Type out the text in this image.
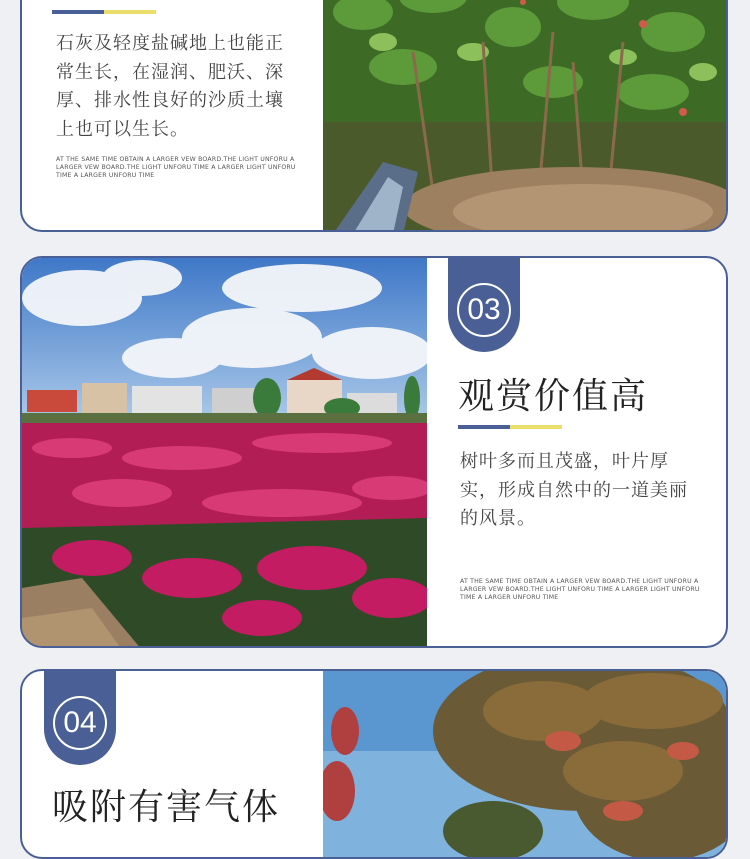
石灰及轻度盐碱地上也能正常生长，在湿润、肥沃、深厚、排水性良好的沙质土壤上也可以生长。
AT THE SAME TIME OBTAIN A LARGER VEW BOARD.THE LIGHT UNFORU A LARGER VEW BOARD.THE LIGHT UNFORU TIME A LARGER LIGHT UNFORU TIME A LARGER UNFORU TIME
03
观赏价值高
树叶多而且茂盛，叶片厚实，形成自然中的一道美丽的风景。
AT THE SAME TIME OBTAIN A LARGER VEW BOARD.THE LIGHT UNFORU A LARGER VEW BOARD.THE LIGHT UNFORU TIME A LARGER LIGHT UNFORU TIME A LARGER UNFORU TIME
04
吸附有害气体
